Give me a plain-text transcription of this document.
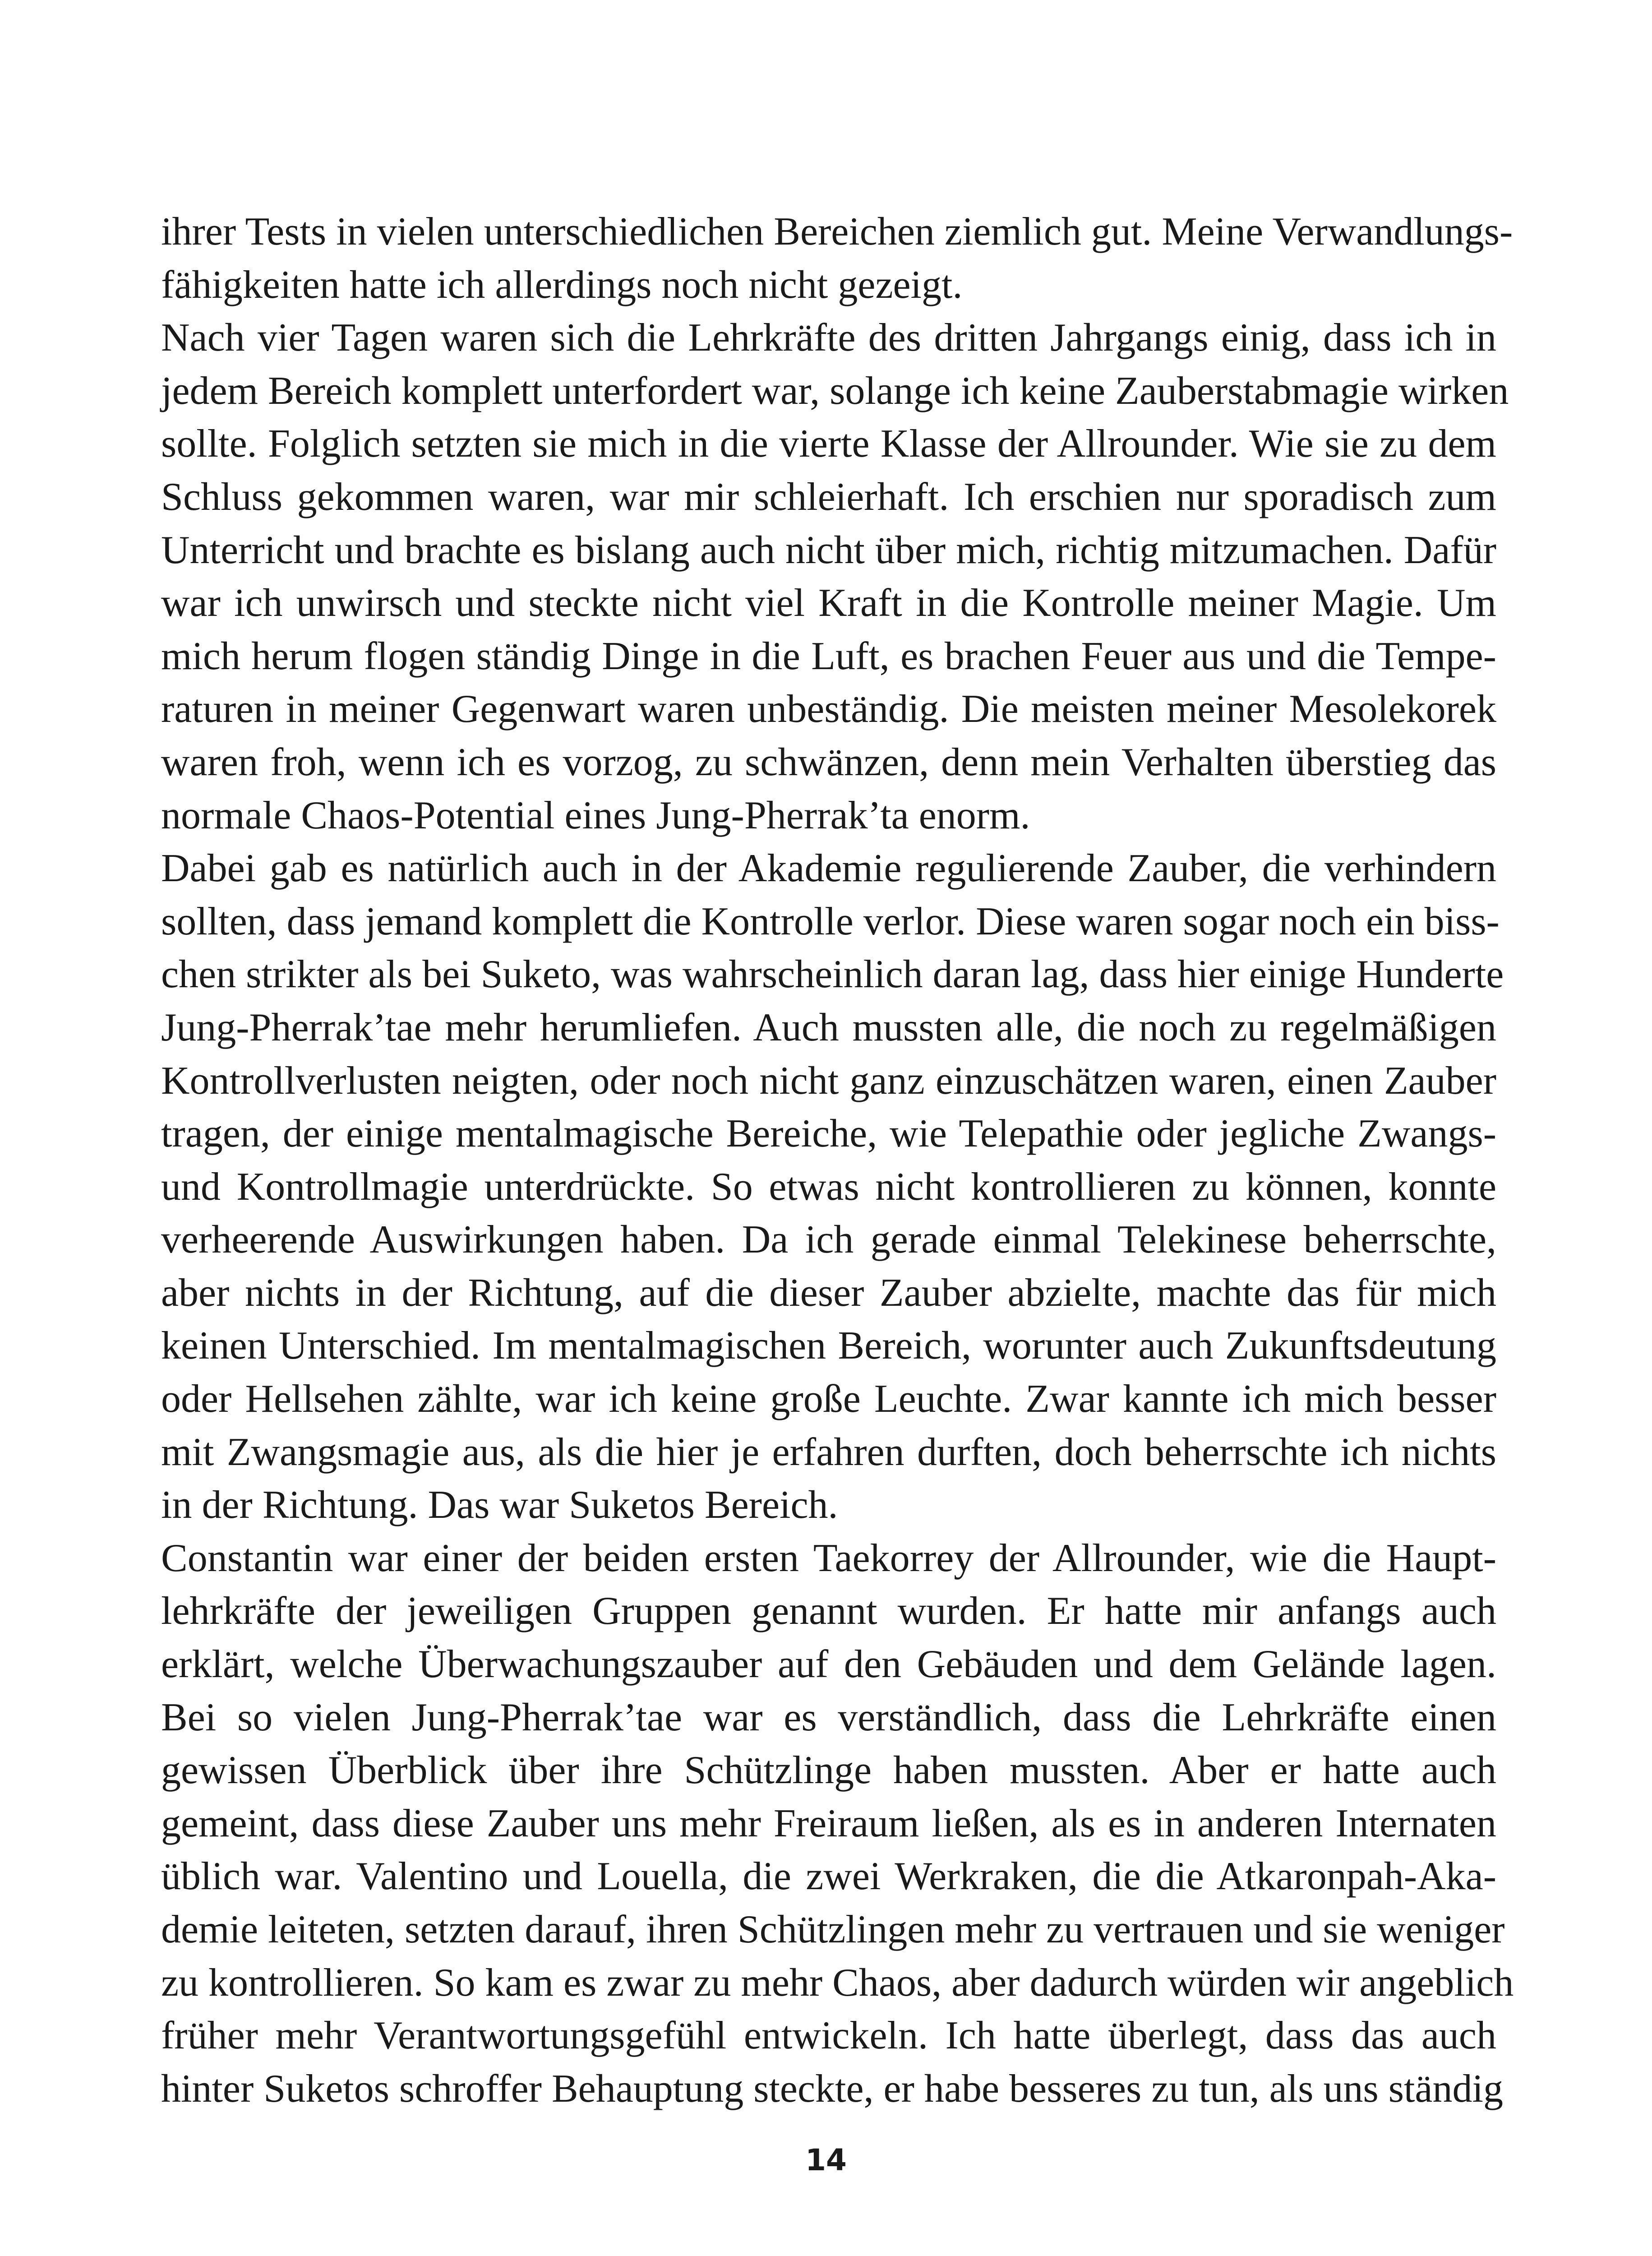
ihrer Tests in vielen unterschiedlichen Bereichen ziemlich gut. Meine Verwandlungs-
fähigkeiten hatte ich allerdings noch nicht gezeigt.
Nach vier Tagen waren sich die Lehrkräfte des dritten Jahrgangs einig, dass ich in
jedem Bereich komplett unterfordert war, solange ich keine Zauberstabmagie wirken
sollte. Folglich setzten sie mich in die vierte Klasse der Allrounder. Wie sie zu dem
Schluss gekommen waren, war mir schleierhaft. Ich erschien nur sporadisch zum
Unterricht und brachte es bislang auch nicht über mich, richtig mitzumachen. Dafür
war ich unwirsch und steckte nicht viel Kraft in die Kontrolle meiner Magie. Um
mich herum flogen ständig Dinge in die Luft, es brachen Feuer aus und die Tempe-
raturen in meiner Gegenwart waren unbeständig. Die meisten meiner Mesolekorek
waren froh, wenn ich es vorzog, zu schwänzen, denn mein Verhalten überstieg das
normale Chaos-Potential eines Jung-Pherrak’ta enorm.
Dabei gab es natürlich auch in der Akademie regulierende Zauber, die verhindern
sollten, dass jemand komplett die Kontrolle verlor. Diese waren sogar noch ein biss-
chen strikter als bei Suketo, was wahrscheinlich daran lag, dass hier einige Hunderte
Jung-Pherrak’tae mehr herumliefen. Auch mussten alle, die noch zu regelmäßigen
Kontrollverlusten neigten, oder noch nicht ganz einzuschätzen waren, einen Zauber
tragen, der einige mentalmagische Bereiche, wie Telepathie oder jegliche Zwangs-
und Kontrollmagie unterdrückte. So etwas nicht kontrollieren zu können, konnte
verheerende Auswirkungen haben. Da ich gerade einmal Telekinese beherrschte,
aber nichts in der Richtung, auf die dieser Zauber abzielte, machte das für mich
keinen Unterschied. Im mentalmagischen Bereich, worunter auch Zukunftsdeutung
oder Hellsehen zählte, war ich keine große Leuchte. Zwar kannte ich mich besser
mit Zwangsmagie aus, als die hier je erfahren durften, doch beherrschte ich nichts
in der Richtung. Das war Suketos Bereich.
Constantin war einer der beiden ersten Taekorrey der Allrounder, wie die Haupt-
lehrkräfte der jeweiligen Gruppen genannt wurden. Er hatte mir anfangs auch
erklärt, welche Überwachungszauber auf den Gebäuden und dem Gelände lagen.
Bei so vielen Jung-Pherrak’tae war es verständlich, dass die Lehrkräfte einen
gewissen Überblick über ihre Schützlinge haben mussten. Aber er hatte auch
gemeint, dass diese Zauber uns mehr Freiraum ließen, als es in anderen Internaten
üblich war. Valentino und Louella, die zwei Werkraken, die die Atkaronpah-Aka-
demie leiteten, setzten darauf, ihren Schützlingen mehr zu vertrauen und sie weniger
zu kontrollieren. So kam es zwar zu mehr Chaos, aber dadurch würden wir angeblich
früher mehr Verantwortungsgefühl entwickeln. Ich hatte überlegt, dass das auch
hinter Suketos schroffer Behauptung steckte, er habe besseres zu tun, als uns ständig
14
